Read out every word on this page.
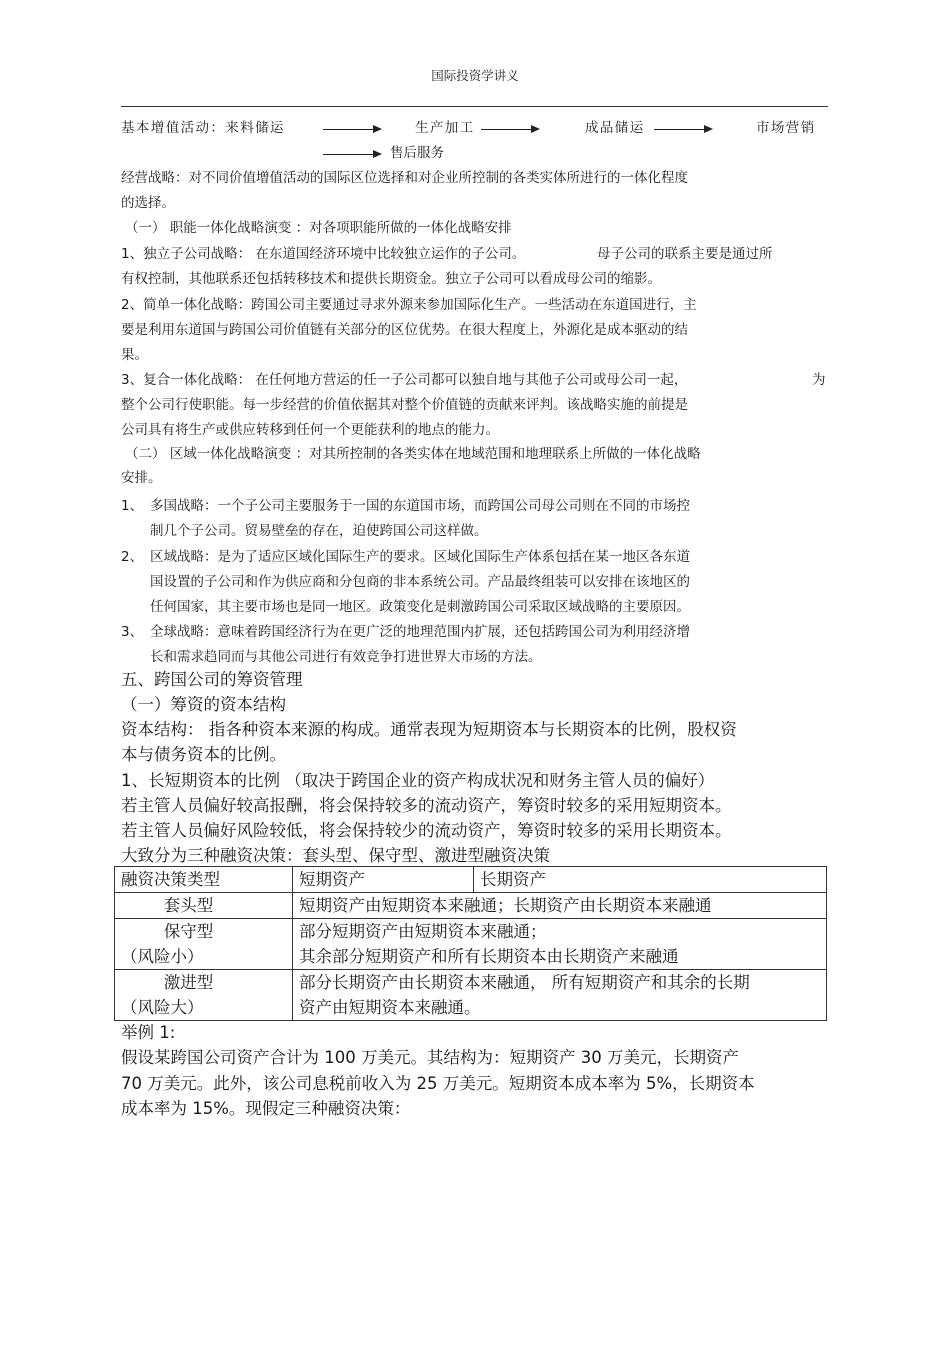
国际投资学讲义
基本增值活动：来料储运	生产加工	成品储运	市场营销
售后服务
经营战略：对不同价值增值活动的国际区位选择和对企业所控制的各类实体所进行的一体化程度
的选择。
（一） 职能一体化战略演变 ：对各项职能所做的一体化战略安排
1、独立子公司战略： 在东道国经济环境中比较独立运作的子公司。	母子公司的联系主要是通过所
有权控制，其他联系还包括转移技术和提供长期资金。独立子公司可以看成母公司的缩影。
2、简单一体化战略：跨国公司主要通过寻求外源来参加国际化生产。一些活动在东道国进行，主
要是利用东道国与跨国公司价值链有关部分的区位优势。在很大程度上，外源化是成本驱动的结
果。
3、复合一体化战略： 在任何地方营运的任一子公司都可以独自地与其他子公司或母公司一起，	为
整个公司行使职能。每一步经营的价值依据其对整个价值链的贡献来评判。该战略实施的前提是
公司具有将生产或供应转移到任何一个更能获利的地点的能力。
（二） 区域一体化战略演变 ：对其所控制的各类实体在地域范围和地理联系上所做的一体化战略
安排。
1、 多国战略：一个子公司主要服务于一国的东道国市场，而跨国公司母公司则在不同的市场控
制几个子公司。贸易壁垒的存在，迫使跨国公司这样做。
2、 区域战略：是为了适应区域化国际生产的要求。区域化国际生产体系包括在某一地区各东道
国设置的子公司和作为供应商和分包商的非本系统公司。产品最终组装可以安排在该地区的
任何国家，其主要市场也是同一地区。政策变化是刺激跨国公司采取区域战略的主要原因。
3、 全球战略：意味着跨国经济行为在更广泛的地理范围内扩展，还包括跨国公司为利用经济增
长和需求趋同而与其他公司进行有效竞争打进世界大市场的方法。
五、跨国公司的筹资管理
（一）筹资的资本结构
资本结构： 指各种资本来源的构成。通常表现为短期资本与长期资本的比例，股权资
本与债务资本的比例。
1、长短期资本的比例 （取决于跨国企业的资产构成状况和财务主管人员的偏好）
若主管人员偏好较高报酬，将会保持较多的流动资产，筹资时较多的采用短期资本。
若主管人员偏好风险较低，将会保持较少的流动资产，筹资时较多的采用长期资本。
大致分为三种融资决策：套头型、保守型、激进型融资决策
融资决策类型	短期资产	长期资产

套头型	短期资产由短期资本来融通；长期资产由长期资本来融通	

保守型
（风险小）	部分短期资产由短期资本来融通；
其余部分短期资产和所有长期资本由长期资产来融通	

激进型
（风险大）	部分长期资产由长期资本来融通， 所有短期资产和其余的长期
资产由短期资本来融通。	
举例 1:
假设某跨国公司资产合计为 100 万美元。其结构为：短期资产 30 万美元，长期资产
70 万美元。此外，该公司息税前收入为 25 万美元。短期资本成本率为 5%，长期资本
成本率为 15%。现假定三种融资决策：
